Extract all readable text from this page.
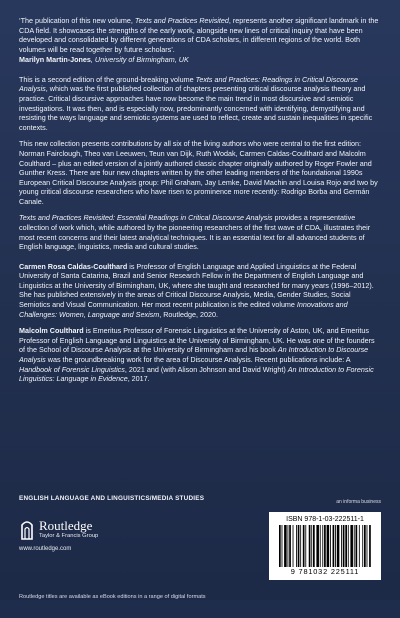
‘The publication of this new volume, Texts and Practices Revisited, represents another significant landmark in the CDA field. It showcases the strengths of the early work, alongside new lines of critical inquiry that have been developed and consolidated by different generations of CDA scholars, in different regions of the world. Both volumes will be read together by future scholars’.

Marilyn Martin-Jones, University of Birmingham, UK

This is a second edition of the ground-breaking volume Texts and Practices: Readings in Critical Discourse Analysis, which was the first published collection of chapters presenting critical discourse analysis theory and practice. Critical discursive approaches have now become the main trend in most discursive and semiotic investigations. It was then, and is especially now, predominantly concerned with identifying, demystifying and resisting the ways language and semiotic systems are used to reflect, create and sustain inequalities in specific contexts.

This new collection presents contributions by all six of the living authors who were central to the first edition: Norman Fairclough, Theo van Leeuwen, Teun van Dijk, Ruth Wodak, Carmen Caldas-Coulthard and Malcolm Coulthard – plus an edited version of a jointly authored classic chapter originally authored by Roger Fowler and Gunther Kress. There are four new chapters written by the other leading members of the foundational 1990s European Critical Discourse Analysis group: Phil Graham, Jay Lemke, David Machin and Louisa Rojo and two by young critical discourse researchers who have risen to prominence more recently: Rodrigo Borba and Germán Canale.

Texts and Practices Revisited: Essential Readings in Critical Discourse Analysis provides a representative collection of work which, while authored by the pioneering researchers of the first wave of CDA, illustrates their most recent concerns and their latest analytical techniques. It is an essential text for all advanced students of English language, linguistics, media and cultural studies.

Carmen Rosa Caldas-Coulthard is Professor of English Language and Applied Linguistics at the Federal University of Santa Catarina, Brazil and Senior Research Fellow in the Department of English Language and Linguistics at the University of Birmingham, UK, where she taught and researched for many years (1996–2012). She has published extensively in the areas of Critical Discourse Analysis, Media, Gender Studies, Social Semiotics and Visual Communication. Her most recent publication is the edited volume Innovations and Challenges: Women, Language and Sexism, Routledge, 2020.

Malcolm Coulthard is Emeritus Professor of Forensic Linguistics at the University of Aston, UK, and Emeritus Professor of English Language and Linguistics at the University of Birmingham, UK. He was one of the founders of the School of Discourse Analysis at the University of Birmingham and his book An Introduction to Discourse Analysis was the groundbreaking work for the area of Discourse Analysis. Recent publications include: A Handbook of Forensic Linguistics, 2021 and (with Alison Johnson and David Wright) An Introduction to Forensic Linguistics: Language in Evidence, 2017.

ENGLISH LANGUAGE AND LINGUISTICS/MEDIA STUDIES
Routledge
Taylor & Francis Group
www.routledge.com
an informa business
ISBN 978-1-03-222511-1
9 781032 225111
Routledge titles are available as eBook editions in a range of digital formats
